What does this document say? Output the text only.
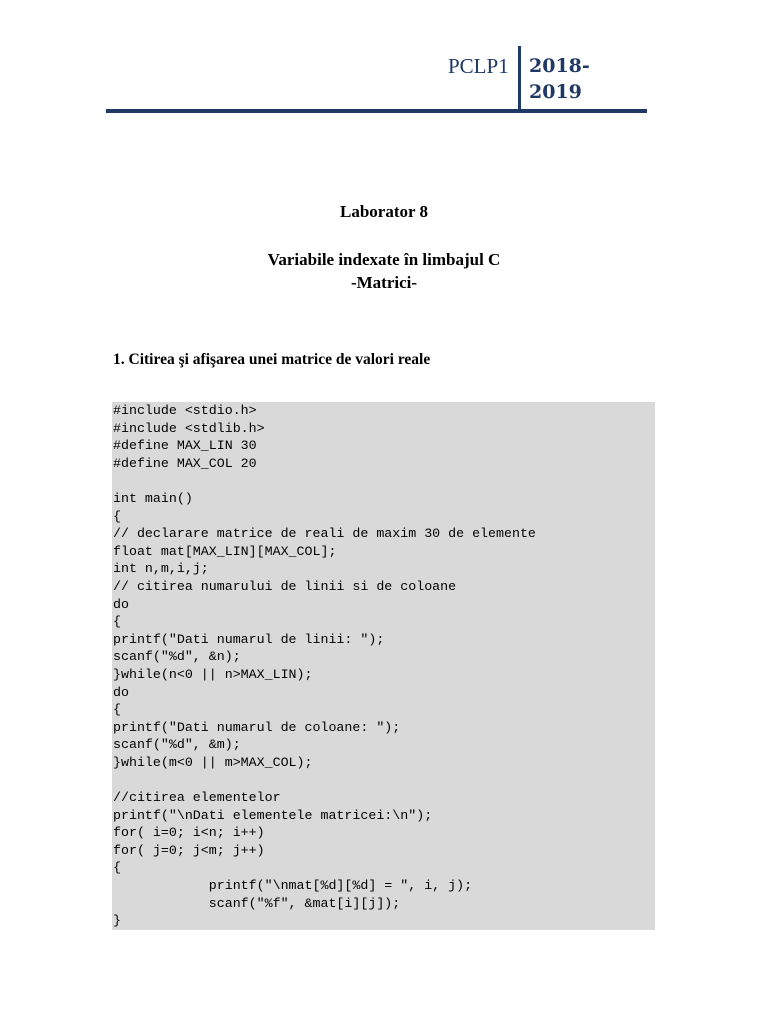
PCLP1 2018-2019
Laborator 8
Variabile indexate în limbajul C
-Matrici-
1. Citirea şi afişarea unei matrice de valori reale
#include <stdio.h>
#include <stdlib.h>
#define MAX_LIN 30
#define MAX_COL 20

int main()
{
// declarare matrice de reali de maxim 30 de elemente
float mat[MAX_LIN][MAX_COL];
int n,m,i,j;
// citirea numarului de linii si de coloane
do
{
printf("Dati numarul de linii: ");
scanf("%d", &n);
}while(n<0 || n>MAX_LIN);
do
{
printf("Dati numarul de coloane: ");
scanf("%d", &m);
}while(m<0 || m>MAX_COL);

//citirea elementelor
printf("\nDati elementele matricei:\n");
for( i=0; i<n; i++)
for( j=0; j<m; j++)
{
printf("\nmat[%d][%d] = ", i, j);
scanf("%f", &mat[i][j]);
}
